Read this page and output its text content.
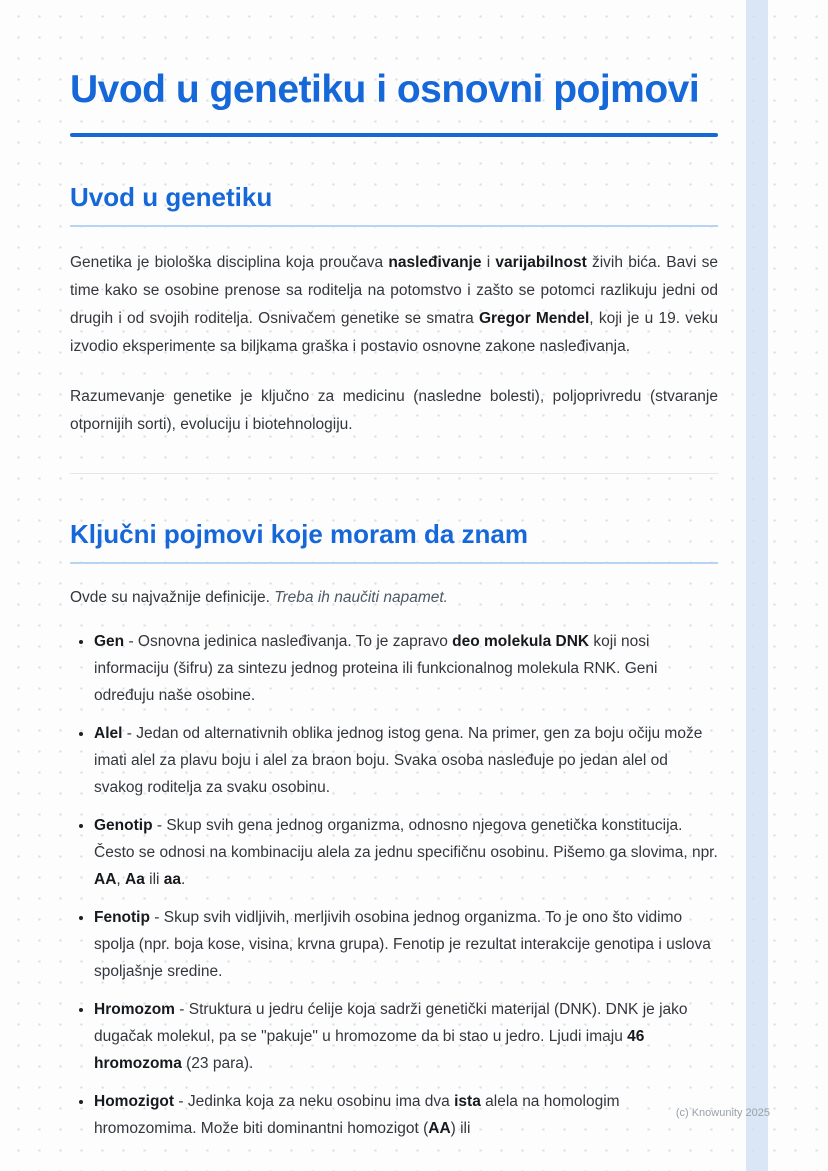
Uvod u genetiku i osnovni pojmovi
Uvod u genetiku

Genetika je biološka disciplina koja proučava nasleđivanje i varijabilnost živih bića. Bavi se time kako se osobine prenose sa roditelja na potomstvo i zašto se potomci razlikuju jedni od drugih i od svojih roditelja. Osnivačem genetike se smatra Gregor Mendel, koji je u 19. veku izvodio eksperimente sa biljkama graška i postavio osnovne zakone nasleđivanja.

Razumevanje genetike je ključno za medicinu (nasledne bolesti), poljoprivredu (stvaranje otpornijih sorti), evoluciju i biotehnologiju.

Ključni pojmovi koje moram da znam

Ovde su najvažnije definicije. Treba ih naučiti napamet.

• Gen - Osnovna jedinica nasleđivanja. To je zapravo deo molekula DNK koji nosi informaciju (šifru) za sintezu jednog proteina ili funkcionalnog molekula RNK. Geni određuju naše osobine.
• Alel - Jedan od alternativnih oblika jednog istog gena. Na primer, gen za boju očiju može imati alel za plavu boju i alel za braon boju. Svaka osoba nasleđuje po jedan alel od svakog roditelja za svaku osobinu.
• Genotip - Skup svih gena jednog organizma, odnosno njegova genetička konstitucija. Često se odnosi na kombinaciju alela za jednu specifičnu osobinu. Pišemo ga slovima, npr. AA, Aa ili aa.
• Fenotip - Skup svih vidljivih, merljivih osobina jednog organizma. To je ono što vidimo spolja (npr. boja kose, visina, krvna grupa). Fenotip je rezultat interakcije genotipa i uslova spoljašnje sredine.
• Hromozom - Struktura u jedru ćelije koja sadrži genetički materijal (DNK). DNK je jako dugačak molekul, pa se "pakuje" u hromozome da bi stao u jedro. Ljudi imaju 46 hromozoma (23 para).
• Homozigot - Jedinka koja za neku osobinu ima dva ista alela na homologim hromozomima. Može biti dominantni homozigot (AA) ili
(c) Knowunity 2025
